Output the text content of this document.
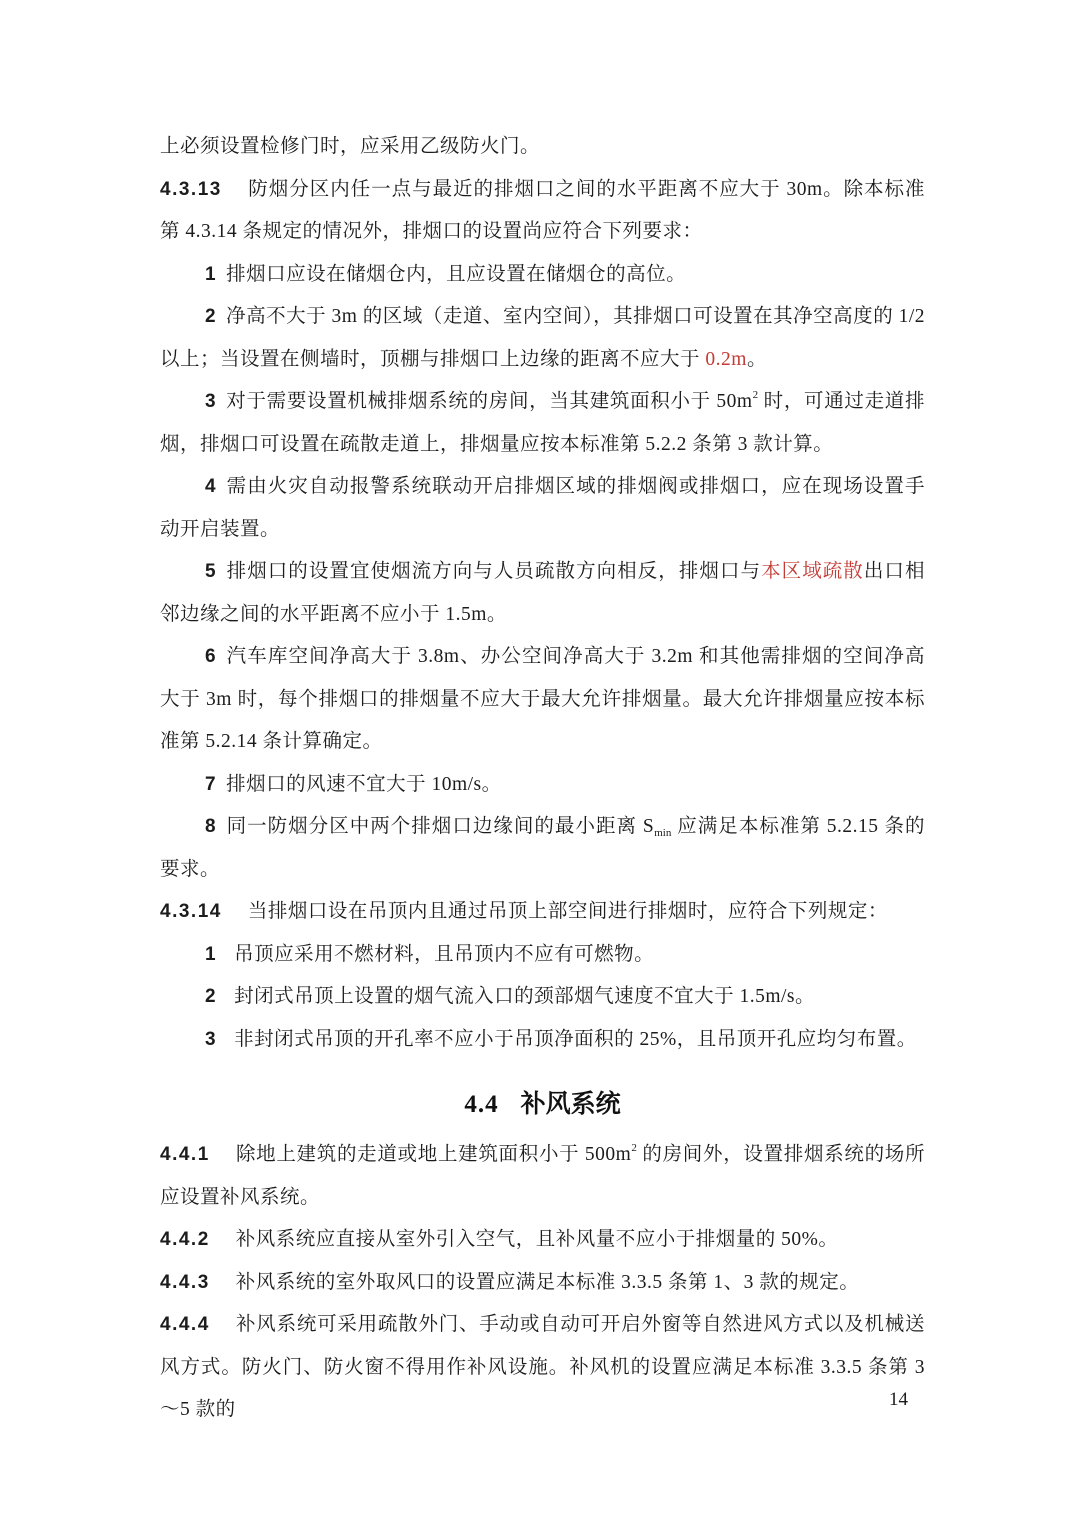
上必须设置检修门时，应采用乙级防火门。

4.3.13 防烟分区内任一点与最近的排烟口之间的水平距离不应大于 30m。除本标准第 4.3.14 条规定的情况外，排烟口的设置尚应符合下列要求：

1 排烟口应设在储烟仓内，且应设置在储烟仓的高位。

2 净高不大于 3m 的区域（走道、室内空间），其排烟口可设置在其净空高度的 1/2 以上；当设置在侧墙时，顶棚与排烟口上边缘的距离不应大于 0.2m。

3 对于需要设置机械排烟系统的房间，当其建筑面积小于 $50m^2$ 时，可通过走道排烟，排烟口可设置在疏散走道上，排烟量应按本标准第 5.2.2 条第 3 款计算。

4 需由火灾自动报警系统联动开启排烟区域的排烟阀或排烟口，应在现场设置手动开启装置。

5 排烟口的设置宜使烟流方向与人员疏散方向相反，排烟口与本区域疏散出口相邻边缘之间的水平距离不应小于 1.5m。

6 汽车库空间净高大于 3.8m、办公空间净高大于 3.2m 和其他需排烟的空间净高大于 3m 时，每个排烟口的排烟量不应大于最大允许排烟量。最大允许排烟量应按本标准第 5.2.14 条计算确定。

7 排烟口的风速不宜大于 10m/s。

8 同一防烟分区中两个排烟口边缘间的最小距离 $S_{min}$ 应满足本标准第 5.2.15 条的要求。

4.3.14 当排烟口设在吊顶内且通过吊顶上部空间进行排烟时，应符合下列规定：

1 吊顶应采用不燃材料，且吊顶内不应有可燃物。

2 封闭式吊顶上设置的烟气流入口的颈部烟气速度不宜大于 1.5m/s。

3 非封闭式吊顶的开孔率不应小于吊顶净面积的 25%，且吊顶开孔应均匀布置。

4.4 补风系统

4.4.1 除地上建筑的走道或地上建筑面积小于 $500m^2$ 的房间外，设置排烟系统的场所应设置补风系统。

4.4.2 补风系统应直接从室外引入空气，且补风量不应小于排烟量的 50%。

4.4.3 补风系统的室外取风口的设置应满足本标准 3.3.5 条第 1、3 款的规定。

4.4.4 补风系统可采用疏散外门、手动或自动可开启外窗等自然进风方式以及机械送风方式。防火门、防火窗不得用作补风设施。补风机的设置应满足本标准 3.3.5 条第 3～5 款的	14
